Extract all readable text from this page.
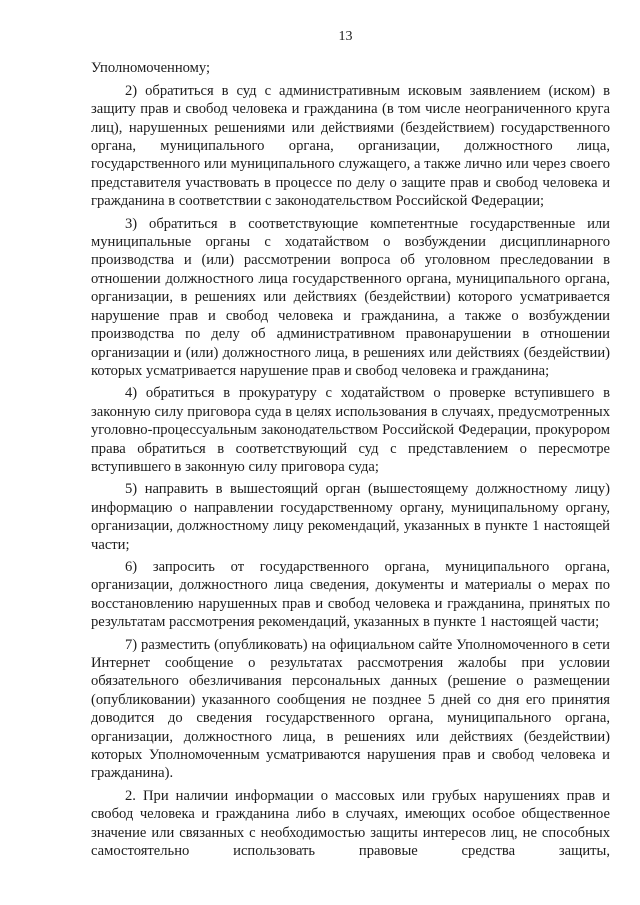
13

Уполномоченному;

2) обратиться в суд с административным исковым заявлением (иском) в защиту прав и свобод человека и гражданина (в том числе неограниченного круга лиц), нарушенных решениями или действиями (бездействием) государственного органа, муниципального органа, организации, должностного лица, государственного или муниципального служащего, а также лично или через своего представителя участвовать в процессе по делу о защите прав и свобод человека и гражданина в соответствии с законодательством Российской Федерации;

3) обратиться в соответствующие компетентные государственные или муниципальные органы с ходатайством о возбуждении дисциплинарного производства и (или) рассмотрении вопроса об уголовном преследовании в отношении должностного лица государственного органа, муниципального органа, организации, в решениях или действиях (бездействии) которого усматривается нарушение прав и свобод человека и гражданина, а также о возбуждении производства по делу об административном правонарушении в отношении организации и (или) должностного лица, в решениях или действиях (бездействии) которых усматривается нарушение прав и свобод человека и гражданина;

4) обратиться в прокуратуру с ходатайством о проверке вступившего в законную силу приговора суда в целях использования в случаях, предусмотренных уголовно-процессуальным законодательством Российской Федерации, прокурором права обратиться в соответствующий суд с представлением о пересмотре вступившего в законную силу приговора суда;

5) направить в вышестоящий орган (вышестоящему должностному лицу) информацию о направлении государственному органу, муниципальному органу, организации, должностному лицу рекомендаций, указанных в пункте 1 настоящей части;

6) запросить от государственного органа, муниципального органа, организации, должностного лица сведения, документы и материалы о мерах по восстановлению нарушенных прав и свобод человека и гражданина, принятых по результатам рассмотрения рекомендаций, указанных в пункте 1 настоящей части;

7) разместить (опубликовать) на официальном сайте Уполномоченного в сети Интернет сообщение о результатах рассмотрения жалобы при условии обязательного обезличивания персональных данных (решение о размещении (опубликовании) указанного сообщения не позднее 5 дней со дня его принятия доводится до сведения государственного органа, муниципального органа, организации, должностного лица, в решениях или действиях (бездействии) которых Уполномоченным усматриваются нарушения прав и свобод человека и гражданина).

2. При наличии информации о массовых или грубых нарушениях прав и свобод человека и гражданина либо в случаях, имеющих особое общественное значение или связанных с необходимостью защиты интересов лиц, не способных самостоятельно использовать правовые средства защиты,
